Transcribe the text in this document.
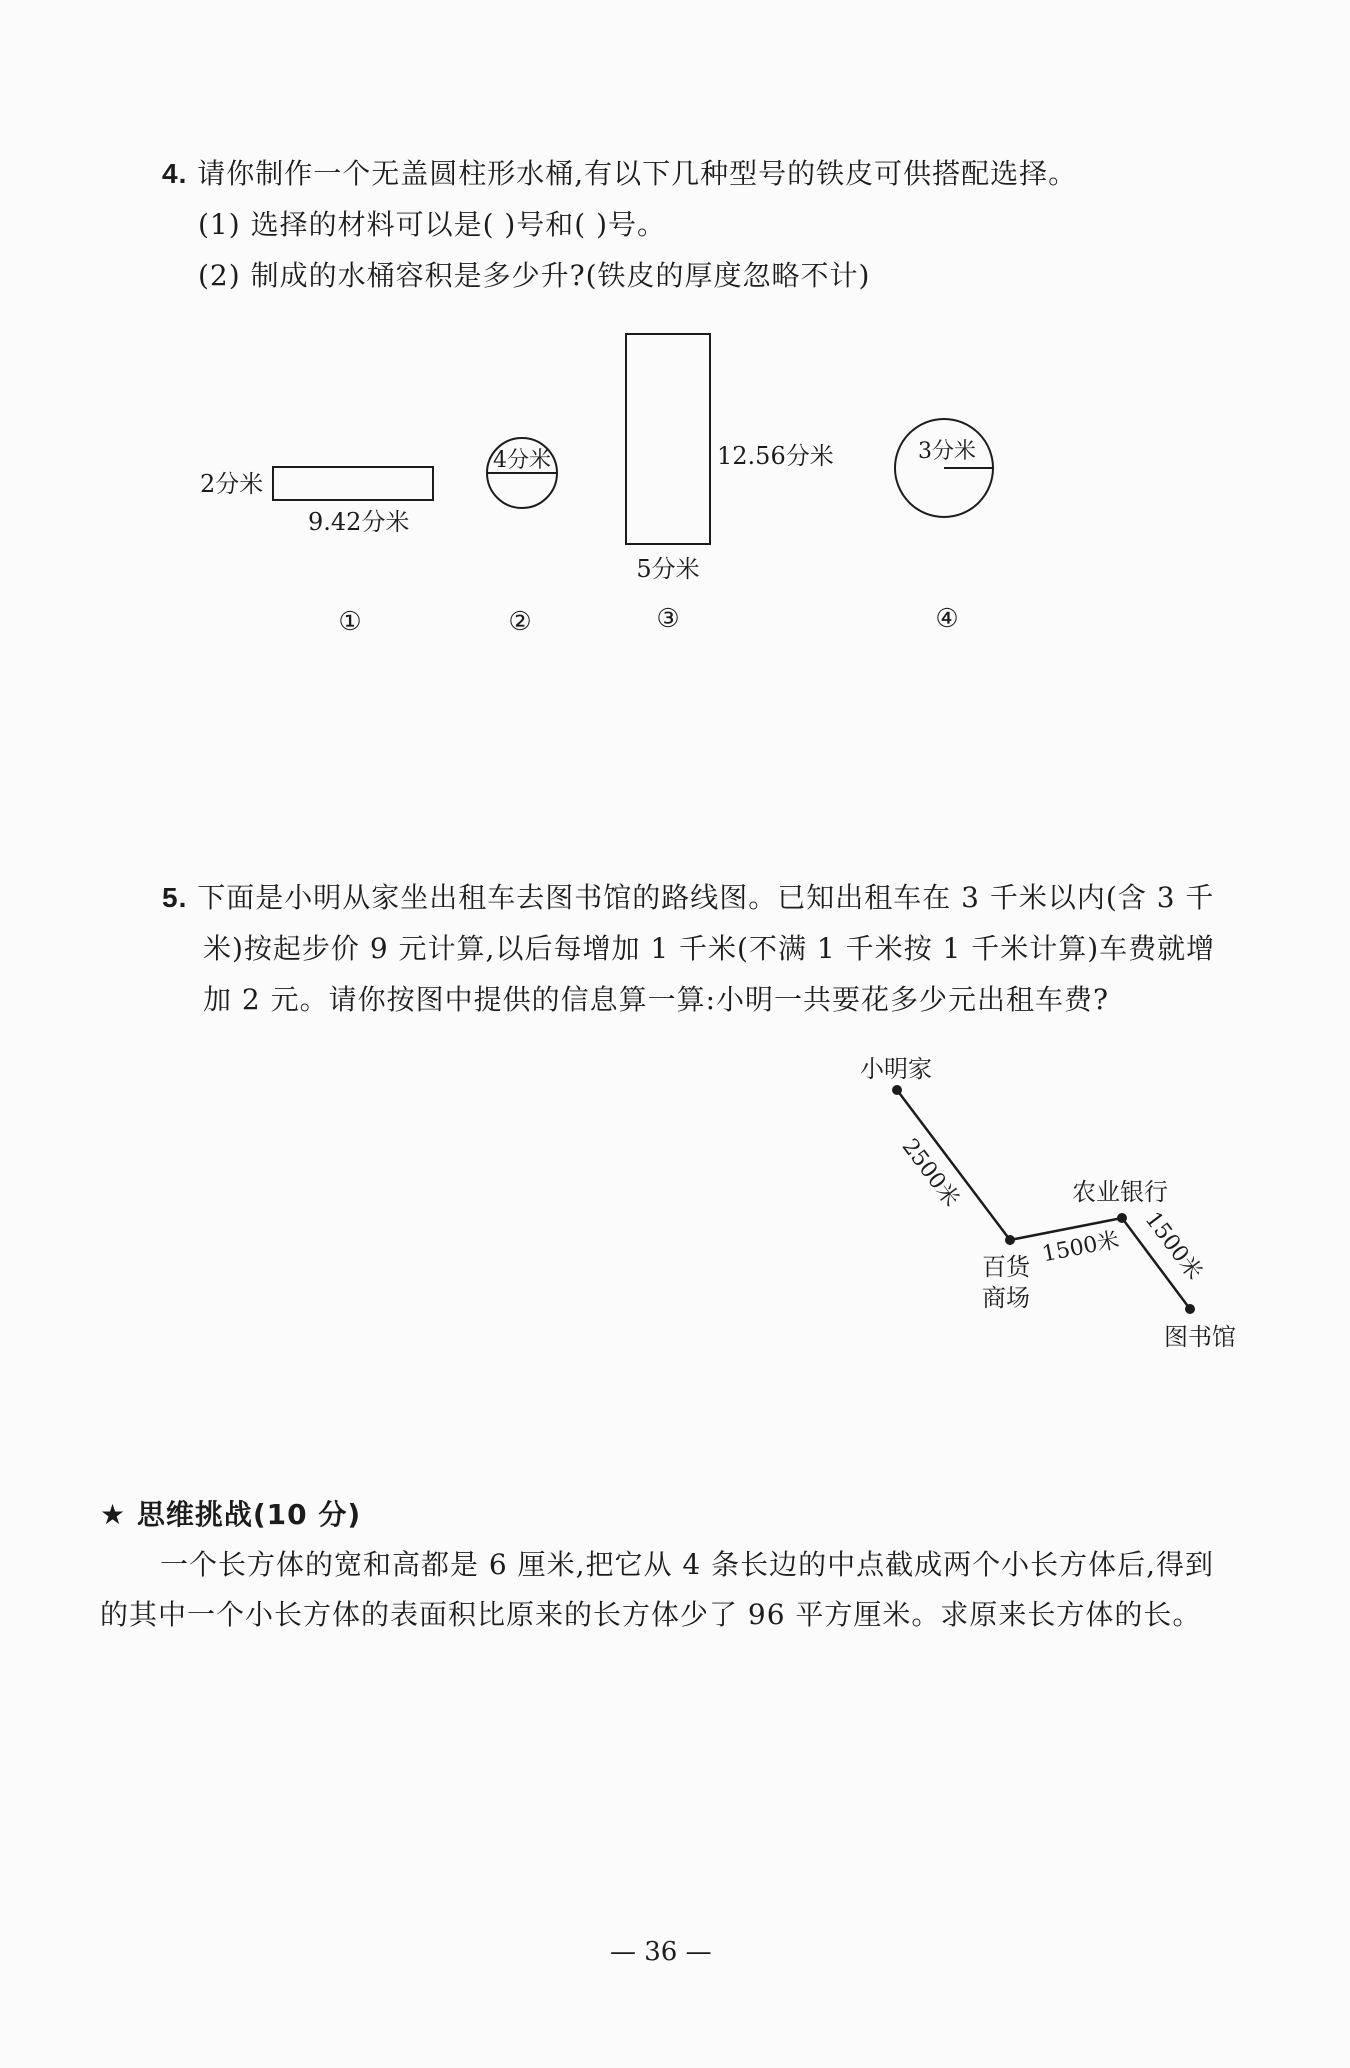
4. 请你制作一个无盖圆柱形水桶,有以下几种型号的铁皮可供搭配选择。
(1) 选择的材料可以是( )号和( )号。
(2) 制成的水桶容积是多少升?(铁皮的厚度忽略不计)
2分米
9.42分米
①
4分米
②
12.56分米
5分米
③
3分米
④
小明家
百货
商场
农业银行
图书馆
2500米
1500米 1500米
5. 下面是小明从家坐出租车去图书馆的路线图。已知出租车在 3 千米以内(含 3 千
米)按起步价 9 元计算,以后每增加 1 千米(不满 1 千米按 1 千米计算)车费就增
加 2 元。请你按图中提供的信息算一算:小明一共要花多少元出租车费?
★ 思维挑战(10 分)
一个长方体的宽和高都是 6 厘米,把它从 4 条长边的中点截成两个小长方体后,得到
的其中一个小长方体的表面积比原来的长方体少了 96 平方厘米。求原来长方体的长。
— 36 —
